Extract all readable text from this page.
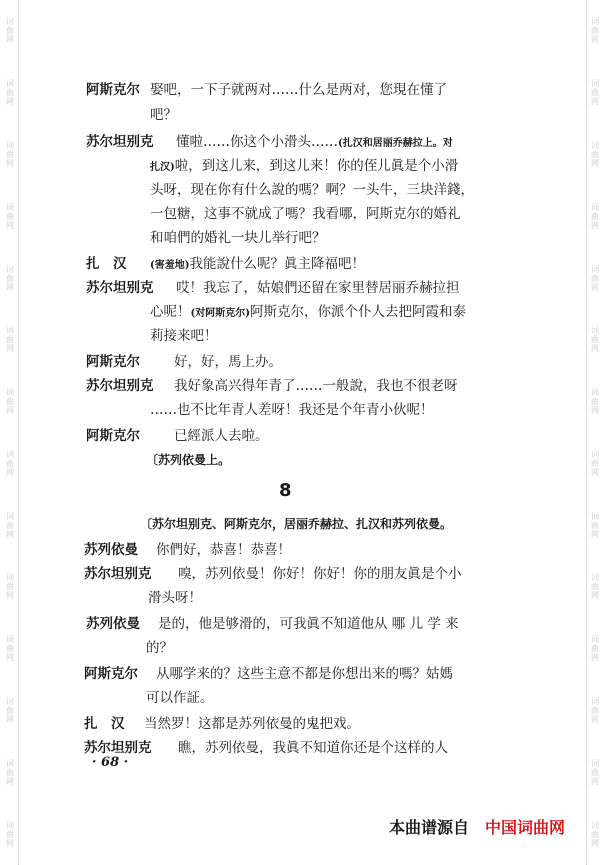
词曲网
词曲网
词曲网
词曲网
词曲网
词曲网
词曲网
词曲网
词曲网
词曲网
词曲网
词曲网
词曲网
词曲网
词曲网
词曲网
词曲网
词曲网
词曲网
词曲网
词曲网
词曲网
词曲网
词曲网
词曲网
词曲网
词曲网
词曲网
8
阿斯克尔 娶吧，一下子就两对……什么是两对，您現在懂了
吧？
苏尔坦别克 懂啦……你这个小滑头……(扎汉和居丽乔赫拉上。对
扎汉)啦，到这儿来，到这儿来！你的侄儿眞是个小滑
头呀，现在你有什么說的嗎？啊？一头牛，三块洋錢，
一包糖，这事不就成了嗎？我看哪，阿斯克尔的婚礼
和咱們的婚礼一块儿举行吧？
扎　汉 (害羞地)我能說什么呢？眞主降福吧！
苏尔坦别克 哎！我忘了，姑娘們还留在家里替居丽乔赫拉担
心呢！(对阿斯克尔)阿斯克尔，你派个仆人去把阿霞和泰
莉接来吧！
阿斯克尔	好，好，馬上办。
苏尔坦别克 我好象高兴得年青了……一般說，我也不很老呀
……也不比年青人差呀！我还是个年青小伙呢！
阿斯克尔	已經派人去啦。
〔苏列依曼上。
〔苏尔坦别克、阿斯克尔，居丽乔赫拉、扎汉和苏列依曼。
苏列依曼 你們好，恭喜！恭喜！
苏尔坦别克 嗅，苏列依曼！你好！你好！你的朋友眞是个小
滑头呀！
苏列依曼 是的，他是够滑的，可我眞不知道他从 哪 儿 学 来
的？
阿斯克尔 从哪学来的？这些主意不都是你想出来的嗎？姑媽
可以作証。
扎　汉 当然罗！这都是苏列依曼的鬼把戏。
苏尔坦别克 瞧，苏列依曼，我眞不知道你还是个这样的人
· 68 ·
本曲谱源自 中国词曲网
